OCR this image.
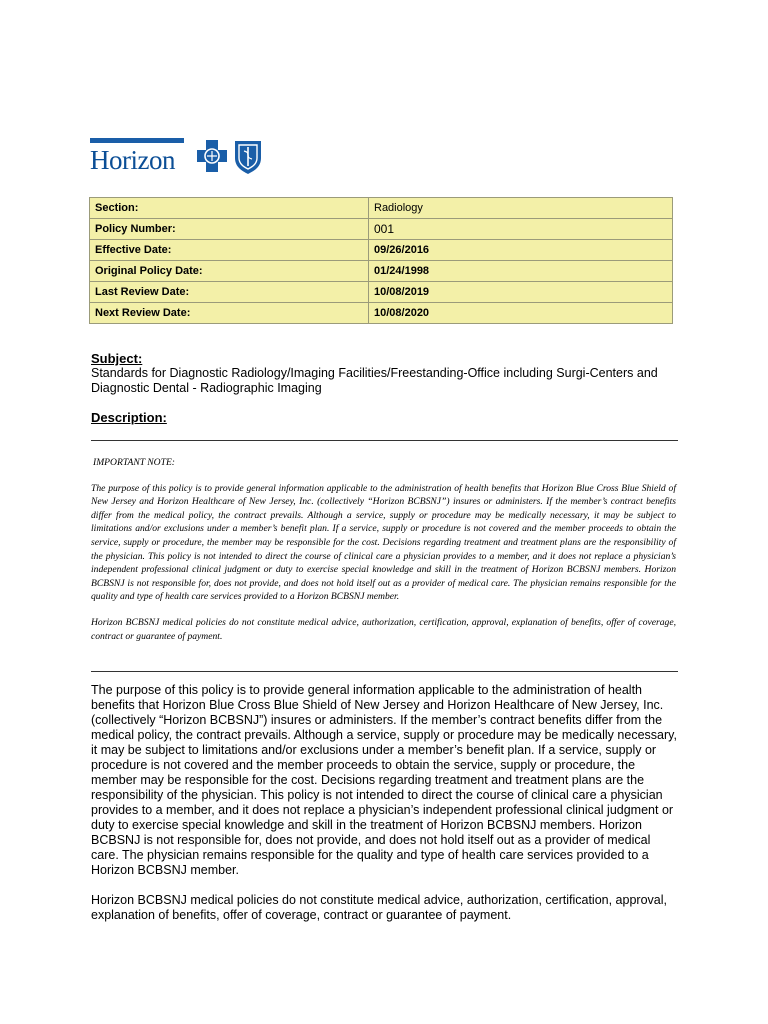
Horizon
Section:	Radiology
Policy Number:	001
Effective Date:	09/26/2016
Original Policy Date:	01/24/1998
Last Review Date:	10/08/2019
Next Review Date:	10/08/2020
Subject:
Standards for Diagnostic Radiology/Imaging Facilities/Freestanding-Office including Surgi-Centers and Diagnostic Dental - Radiographic Imaging
Description:

IMPORTANT NOTE:

The purpose of this policy is to provide general information applicable to the administration of health benefits that Horizon Blue Cross Blue Shield of New Jersey and Horizon Healthcare of New Jersey, Inc. (collectively “Horizon BCBSNJ”) insures or administers. If the member’s contract benefits differ from the medical policy, the contract prevails. Although a service, supply or procedure may be medically necessary, it may be subject to limitations and/or exclusions under a member’s benefit plan. If a service, supply or procedure is not covered and the member proceeds to obtain the service, supply or procedure, the member may be responsible for the cost. Decisions regarding treatment and treatment plans are the responsibility of the physician. This policy is not intended to direct the course of clinical care a physician provides to a member, and it does not replace a physician’s independent professional clinical judgment or duty to exercise special knowledge and skill in the treatment of Horizon BCBSNJ members. Horizon BCBSNJ is not responsible for, does not provide, and does not hold itself out as a provider of medical care. The physician remains responsible for the quality and type of health care services provided to a Horizon BCBSNJ member.

Horizon BCBSNJ medical policies do not constitute medical advice, authorization, certification, approval, explanation of benefits, offer of coverage, contract or guarantee of payment.

The purpose of this policy is to provide general information applicable to the administration of health benefits that Horizon Blue Cross Blue Shield of New Jersey and Horizon Healthcare of New Jersey, Inc. (collectively “Horizon BCBSNJ”) insures or administers. If the member’s contract benefits differ from the medical policy, the contract prevails. Although a service, supply or procedure may be medically necessary, it may be subject to limitations and/or exclusions under a member’s benefit plan. If a service, supply or procedure is not covered and the member proceeds to obtain the service, supply or procedure, the member may be responsible for the cost. Decisions regarding treatment and treatment plans are the responsibility of the physician. This policy is not intended to direct the course of clinical care a physician provides to a member, and it does not replace a physician’s independent professional clinical judgment or duty to exercise special knowledge and skill in the treatment of Horizon BCBSNJ members. Horizon BCBSNJ is not responsible for, does not provide, and does not hold itself out as a provider of medical care. The physician remains responsible for the quality and type of health care services provided to a Horizon BCBSNJ member.

Horizon BCBSNJ medical policies do not constitute medical advice, authorization, certification, approval, explanation of benefits, offer of coverage, contract or guarantee of payment.
